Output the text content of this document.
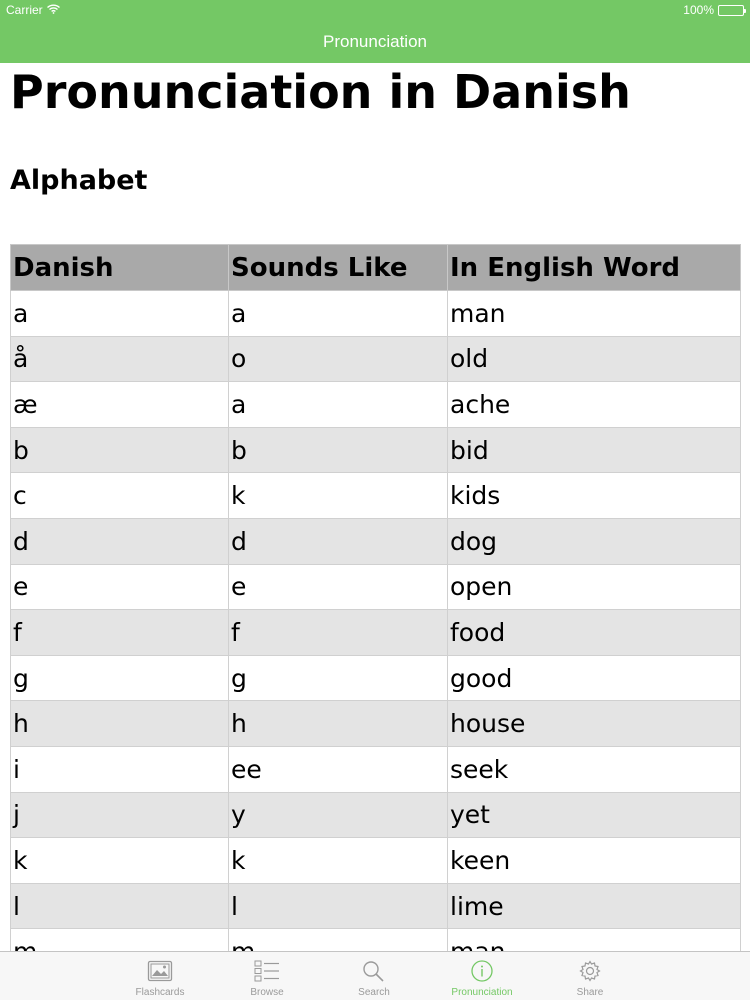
Carrier	100%
Pronunciation
Pronunciation in Danish
Alphabet
Danish	Sounds Like	In English Word
a	a	man
å	o	old
æ	a	ache
b	b	bid
c	k	kids
d	d	dog
e	e	open
f	f	food
g	g	good
h	h	house
i	ee	seek
j	y	yet
k	k	keen
l	l	lime

Flashcards	Browse	Search	Pronunciation	Share
